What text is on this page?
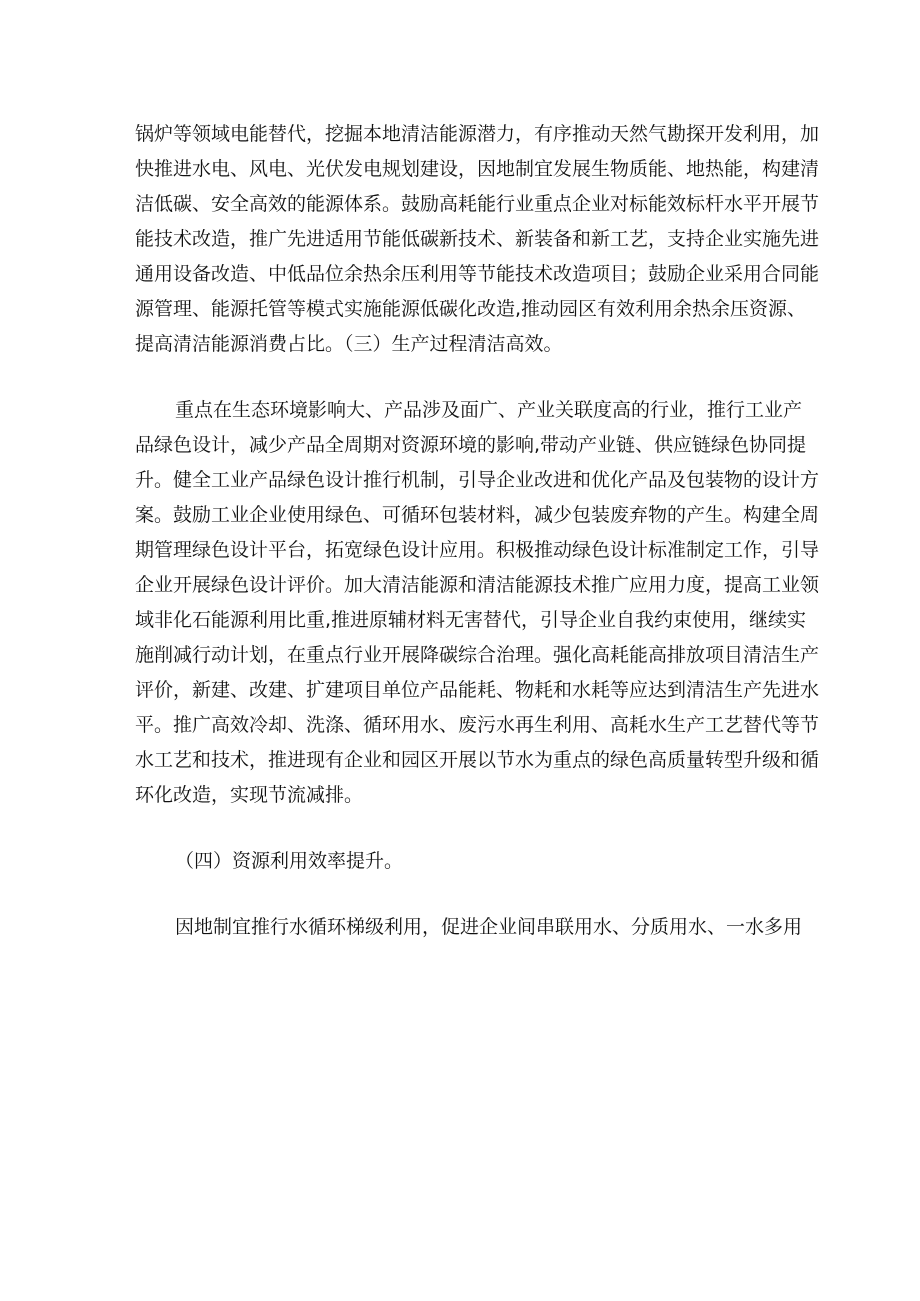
锅炉等领域电能替代，挖掘本地清洁能源潜力，有序推动天然气勘探开发利用，加
快推进水电、风电、光伏发电规划建设，因地制宜发展生物质能、地热能，构建清
洁低碳、安全高效的能源体系。鼓励高耗能行业重点企业对标能效标杆水平开展节
能技术改造，推广先进适用节能低碳新技术、新装备和新工艺，支持企业实施先进
通用设备改造、中低品位余热余压利用等节能技术改造项目；鼓励企业采用合同能
源管理、能源托管等模式实施能源低碳化改造,推动园区有效利用余热余压资源、
提高清洁能源消费占比。（三）生产过程清洁高效。
重点在生态环境影响大、产品涉及面广、产业关联度高的行业，推行工业产
品绿色设计，减少产品全周期对资源环境的影响,带动产业链、供应链绿色协同提
升。健全工业产品绿色设计推行机制，引导企业改进和优化产品及包装物的设计方
案。鼓励工业企业使用绿色、可循环包装材料，减少包装废弃物的产生。构建全周
期管理绿色设计平台，拓宽绿色设计应用。积极推动绿色设计标准制定工作，引导
企业开展绿色设计评价。加大清洁能源和清洁能源技术推广应用力度，提高工业领
域非化石能源利用比重,推进原辅材料无害替代，引导企业自我约束使用，继续实
施削减行动计划，在重点行业开展降碳综合治理。强化高耗能高排放项目清洁生产
评价，新建、改建、扩建项目单位产品能耗、物耗和水耗等应达到清洁生产先进水
平。推广高效冷却、洗涤、循环用水、废污水再生利用、高耗水生产工艺替代等节
水工艺和技术，推进现有企业和园区开展以节水为重点的绿色高质量转型升级和循
环化改造，实现节流减排。
（四）资源利用效率提升。
因地制宜推行水循环梯级利用，促进企业间串联用水、分质用水、一水多用
